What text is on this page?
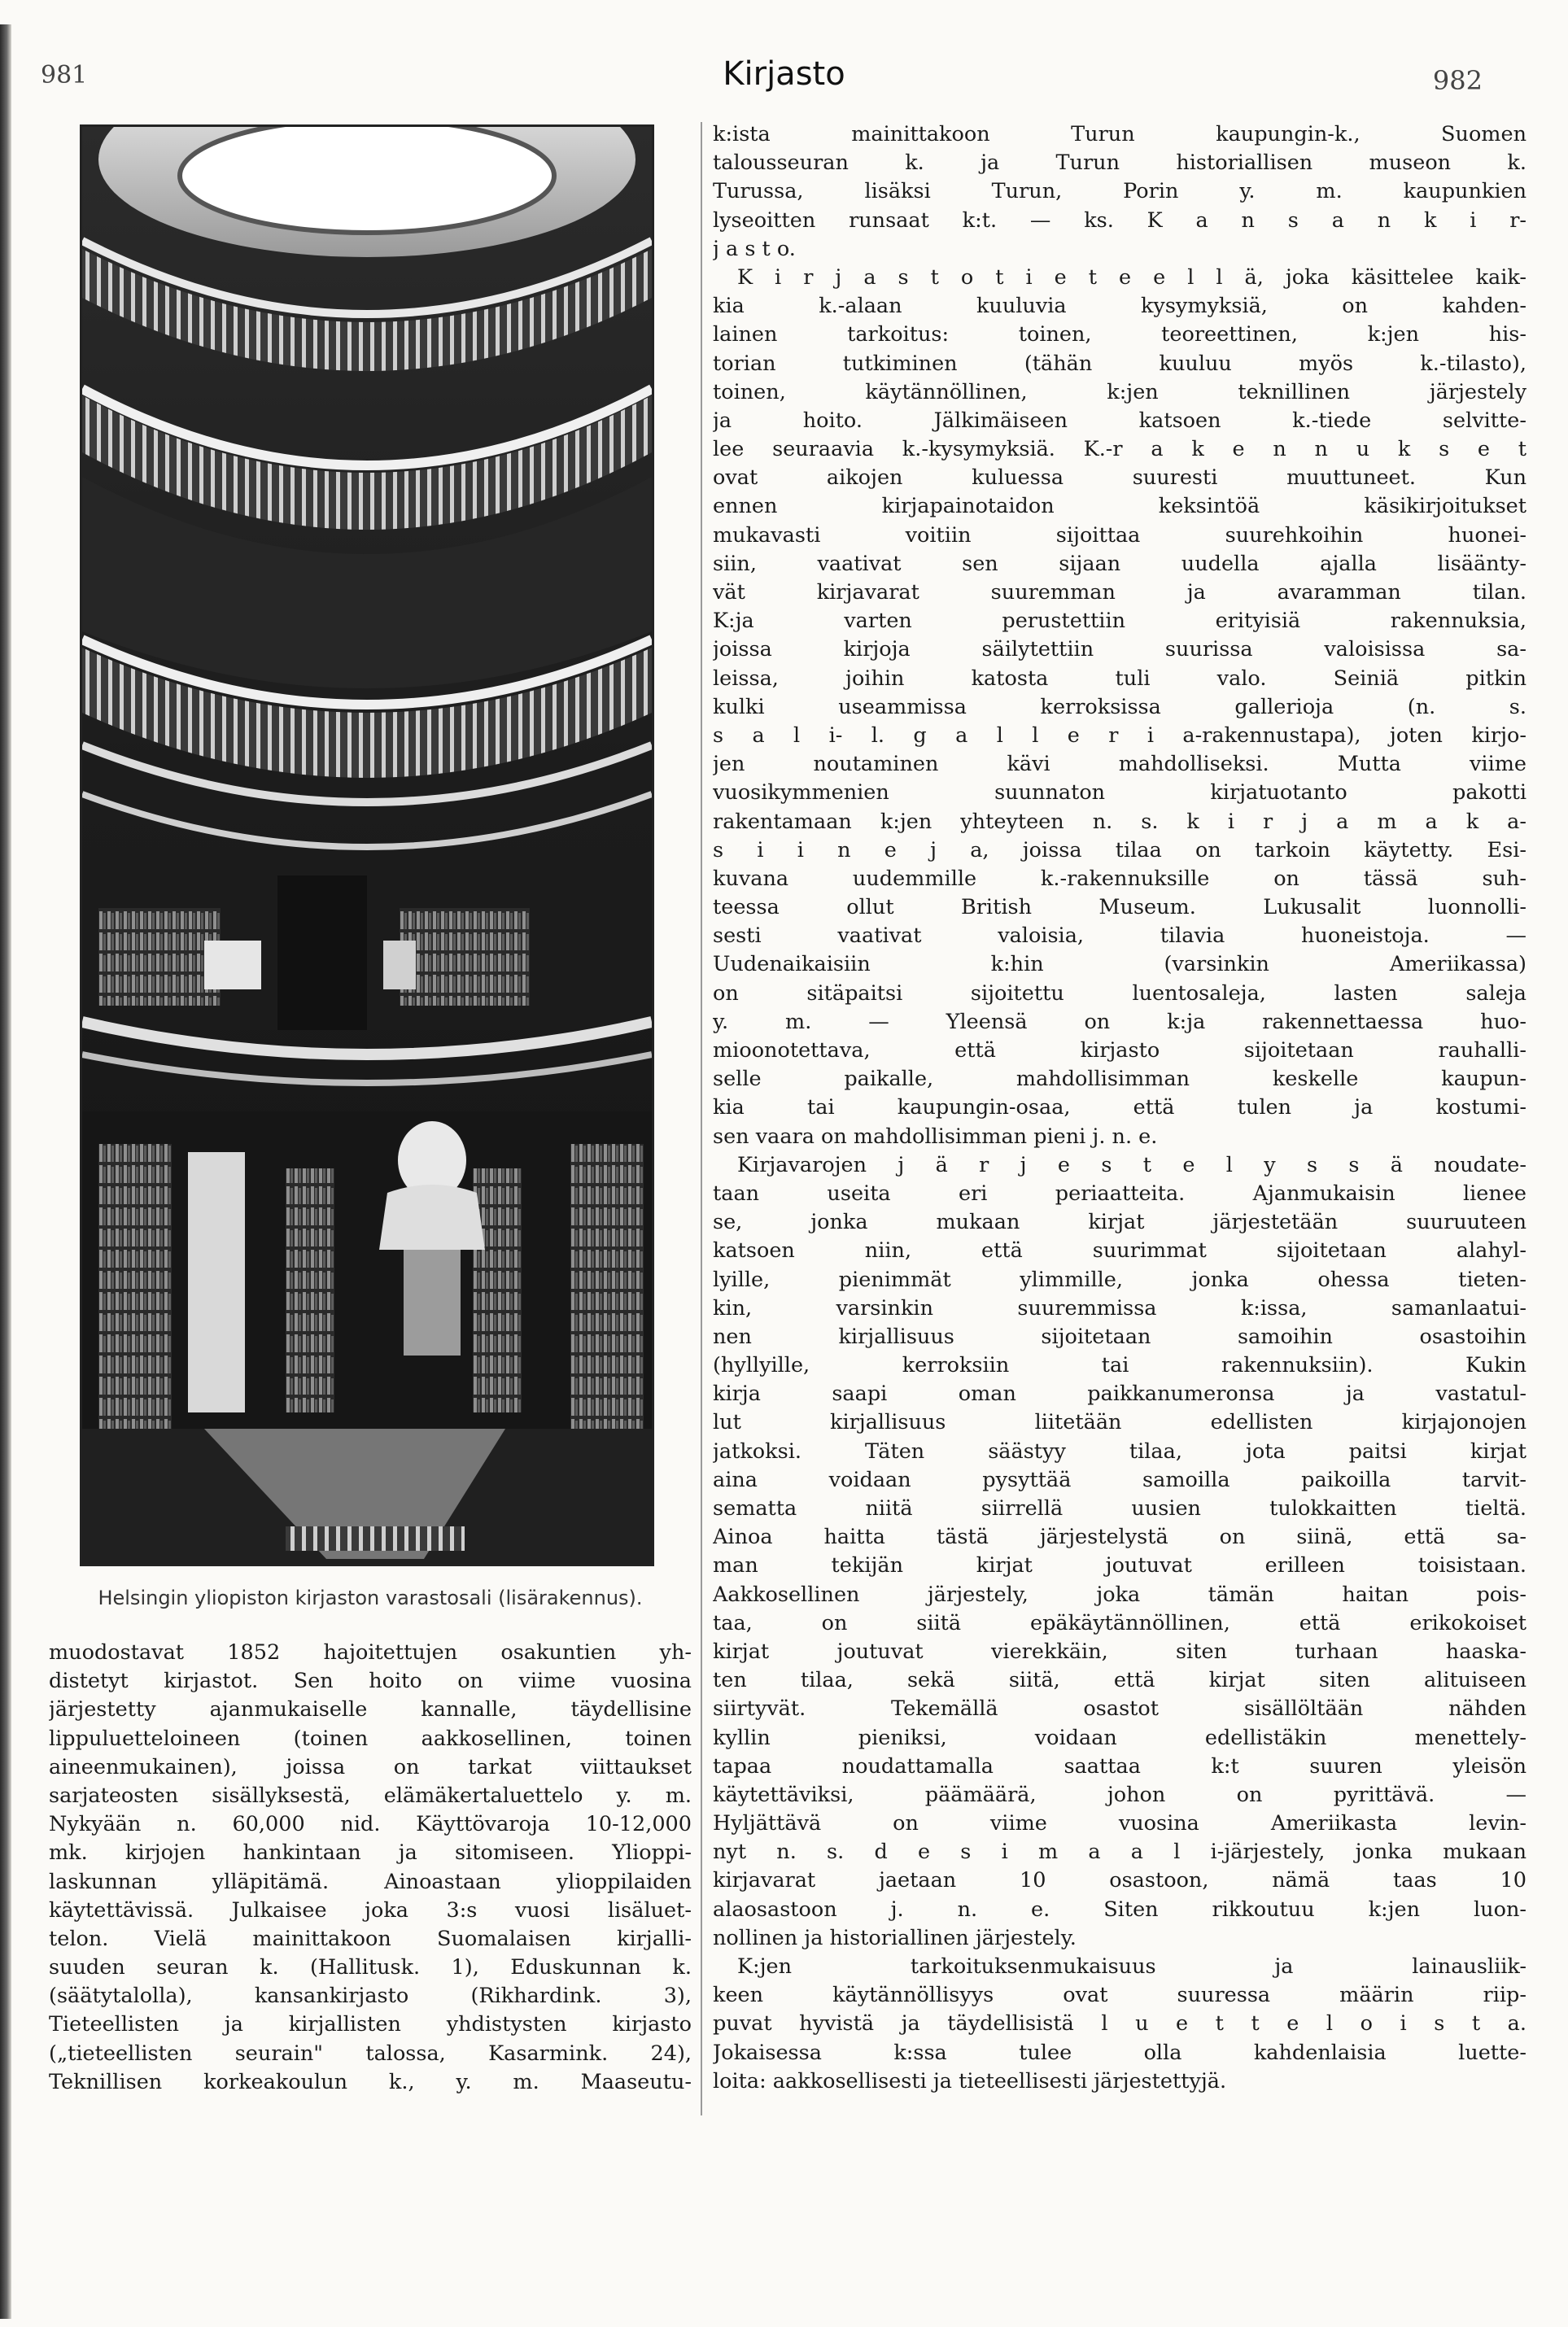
981	Kirjasto	982
Helsingin yliopiston kirjaston varastosali (lisärakennus).
muodostavat 1852 hajoitettujen osakuntien yh-
distetyt kirjastot. Sen hoito on viime vuosina
järjestetty ajanmukaiselle kannalle, täydellisine
lippuluetteloineen (toinen aakkosellinen, toinen
aineenmukainen), joissa on tarkat viittaukset
sarjateosten sisällyksestä, elämäkertaluettelo y. m.
Nykyään n. 60,000 nid. Käyttövaroja 10-12,000
mk. kirjojen hankintaan ja sitomiseen. Ylioppi-
laskunnan ylläpitämä. Ainoastaan ylioppilaiden
käytettävissä. Julkaisee joka 3:s vuosi lisäluet-
telon. Vielä mainittakoon Suomalaisen kirjalli-
suuden seuran k. (Hallitusk. 1), Eduskunnan k.
(säätytalolla), kansankirjasto (Rikhardink. 3),
Tieteellisten ja kirjallisten yhdistysten kirjasto
(„tieteellisten seurain" talossa, Kasarmink. 24),
Teknillisen korkeakoulun k., y. m. Maaseutu-
k:ista mainittakoon Turun kaupungin-k., Suomen
talousseuran k. ja Turun historiallisen museon k.
Turussa, lisäksi Turun, Porin y. m. kaupunkien
lyseoitten runsaat k:t. — ks. K a n s a n k i r-
j a s t o.
K i r j a s t o t i e t e e l l ä, joka käsittelee kaik-
kia k.-alaan kuuluvia kysymyksiä, on kahden-
lainen tarkoitus: toinen, teoreettinen, k:jen his-
torian tutkiminen (tähän kuuluu myös k.-tilasto),
toinen, käytännöllinen, k:jen teknillinen järjestely
ja hoito. Jälkimäiseen katsoen k.-tiede selvitte-
lee seuraavia k.-kysymyksiä. K.-r a k e n n u k s e t
ovat aikojen kuluessa suuresti muuttuneet. Kun
ennen kirjapainotaidon keksintöä käsikirjoitukset
mukavasti voitiin sijoittaa suurehkoihin huonei-
siin, vaativat sen sijaan uudella ajalla lisäänty-
vät kirjavarat suuremman ja avaramman tilan.
K:ja varten perustettiin erityisiä rakennuksia,
joissa kirjoja säilytettiin suurissa valoisissa sa-
leissa, joihin katosta tuli valo. Seiniä pitkin
kulki useammissa kerroksissa gallerioja (n. s.
s a l i- l. g a l l e r i a-rakennustapa), joten kirjo-
jen noutaminen kävi mahdolliseksi. Mutta viime
vuosikymmenien suunnaton kirjatuotanto pakotti
rakentamaan k:jen yhteyteen n. s. k i r j a m a k a-
s i i n e j a, joissa tilaa on tarkoin käytetty. Esi-
kuvana uudemmille k.-rakennuksille on tässä suh-
teessa ollut British Museum. Lukusalit luonnolli-
sesti vaativat valoisia, tilavia huoneistoja. —
Uudenaikaisiin k:hin (varsinkin Ameriikassa)
on sitäpaitsi sijoitettu luentosaleja, lasten saleja
y. m. — Yleensä on k:ja rakennettaessa huo-
mioonotettava, että kirjasto sijoitetaan rauhalli-
selle paikalle, mahdollisimman keskelle kaupun-
kia tai kaupungin-osaa, että tulen ja kostumi-
sen vaara on mahdollisimman pieni j. n. e.
Kirjavarojen j ä r j e s t e l y s s ä noudate-
taan useita eri periaatteita. Ajanmukaisin lienee
se, jonka mukaan kirjat järjestetään suuruuteen
katsoen niin, että suurimmat sijoitetaan alahyl-
lyille, pienimmät ylimmille, jonka ohessa tieten-
kin, varsinkin suuremmissa k:issa, samanlaatui-
nen kirjallisuus sijoitetaan samoihin osastoihin
(hyllyille, kerroksiin tai rakennuksiin). Kukin
kirja saapi oman paikkanumeronsa ja vastatul-
lut kirjallisuus liitetään edellisten kirjajonojen
jatkoksi. Täten säästyy tilaa, jota paitsi kirjat
aina voidaan pysyttää samoilla paikoilla tarvit-
sematta niitä siirrellä uusien tulokkaitten tieltä.
Ainoa haitta tästä järjestelystä on siinä, että sa-
man tekijän kirjat joutuvat erilleen toisistaan.
Aakkosellinen järjestely, joka tämän haitan pois-
taa, on siitä epäkäytännöllinen, että erikokoiset
kirjat joutuvat vierekkäin, siten turhaan haaska-
ten tilaa, sekä siitä, että kirjat siten alituiseen
siirtyvät. Tekemällä osastot sisällöltään nähden
kyllin pieniksi, voidaan edellistäkin menettely-
tapaa noudattamalla saattaa k:t suuren yleisön
käytettäviksi, päämäärä, johon on pyrittävä. —
Hyljättävä on viime vuosina Ameriikasta levin-
nyt n. s. d e s i m a a l i-järjestely, jonka mukaan
kirjavarat jaetaan 10 osastoon, nämä taas 10
alaosastoon j. n. e. Siten rikkoutuu k:jen luon-
nollinen ja historiallinen järjestely.
K:jen tarkoituksenmukaisuus ja lainausliik-
keen käytännöllisyys ovat suuressa määrin riip-
puvat hyvistä ja täydellisistä l u e t t e l o i s t a.
Jokaisessa k:ssa tulee olla kahdenlaisia luette-
loita: aakkosellisesti ja tieteellisesti järjestettyjä.
